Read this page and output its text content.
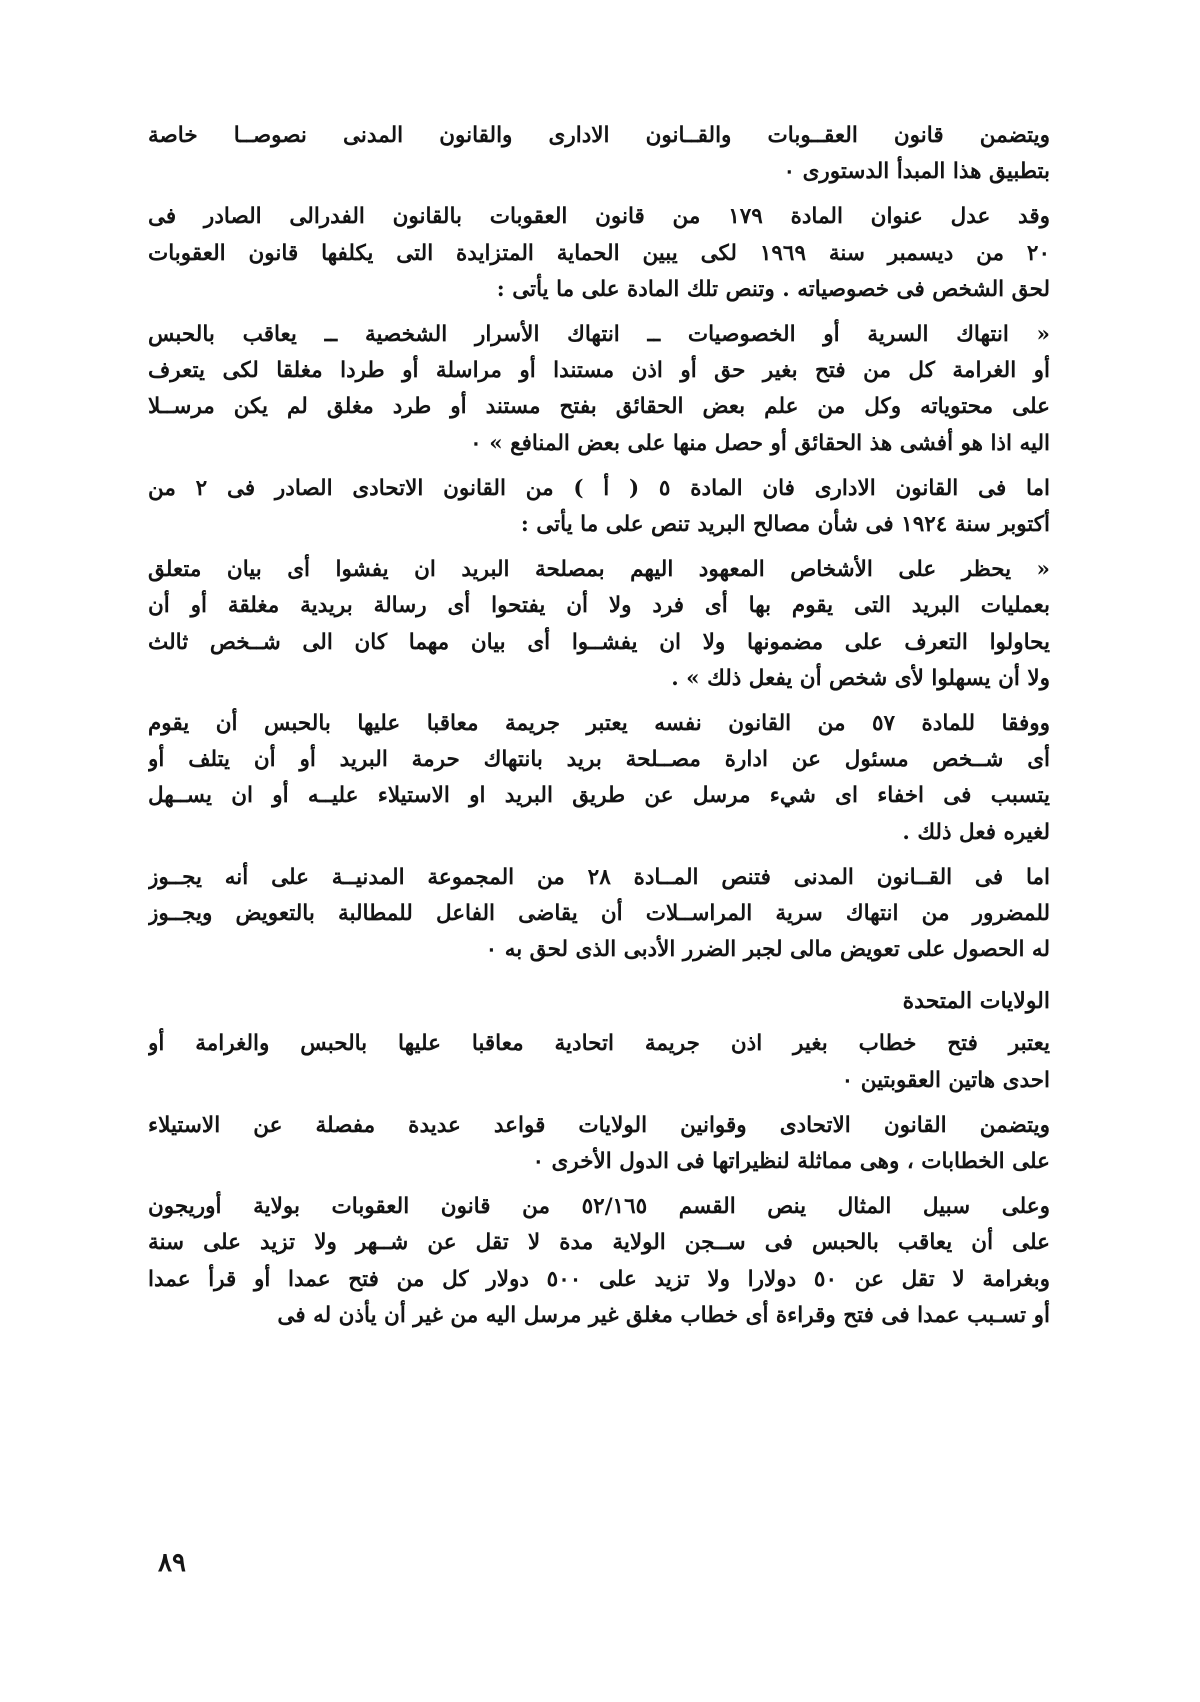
ويتضمن قانون العقــوبات والقــانون الادارى والقانون المدنى نصوصــا خاصة
بتطبيق هذا المبدأ الدستورى ٠
وقد عدل عنوان المادة ١٧٩ من قانون العقوبات بالقانون الفدرالى الصادر فى
٢٠ من ديسمبر سنة ١٩٦٩ لكى يبين الحماية المتزايدة التى يكلفها قانون العقوبات
لحق الشخص فى خصوصياته . وتنص تلك المادة على ما يأتى :
« انتهاك السرية أو الخصوصيات ــ انتهاك الأسرار الشخصية ــ يعاقب بالحبس
أو الغرامة كل من فتح بغير حق أو اذن مستندا أو مراسلة أو طردا مغلقا لكى يتعرف
على محتوياته وكل من علم بعض الحقائق بفتح مستند أو طرد مغلق لم يكن مرســلا
اليه اذا هو أفشى هذ الحقائق أو حصل منها على بعض المنافع » ٠
اما فى القانون الادارى فان المادة ٥ ( أ ) من القانون الاتحادى الصادر فى ٢ من
أكتوبر سنة ١٩٢٤ فى شأن مصالح البريد تنص على ما يأتى :
« يحظر على الأشخاص المعهود اليهم بمصلحة البريد ان يفشوا أى بيان متعلق
بعمليات البريد التى يقوم بها أى فرد ولا أن يفتحوا أى رسالة بريدية مغلقة أو أن
يحاولوا التعرف على مضمونها ولا ان يفشــوا أى بيان مهما كان الى شــخص ثالث
ولا أن يسهلوا لأى شخص أن يفعل ذلك » .
ووفقا للمادة ٥٧ من القانون نفسه يعتبر جريمة معاقبا عليها بالحبس أن يقوم
أى شــخص مسئول عن ادارة مصــلحة بريد بانتهاك حرمة البريد أو أن يتلف أو
يتسبب فى اخفاء اى شيء مرسل عن طريق البريد او الاستيلاء عليــه أو ان يســهل
لغيره فعل ذلك .
اما فى القــانون المدنى فتنص المــادة ٢٨ من المجموعة المدنيــة على أنه يجــوز
للمضرور من انتهاك سرية المراســلات أن يقاضى الفاعل للمطالبة بالتعويض ويجــوز
له الحصول على تعويض مالى لجبر الضرر الأدبى الذى لحق به ٠
الولايات المتحدة
يعتبر فتح خطاب بغير اذن جريمة اتحادية معاقبا عليها بالحبس والغرامة أو
احدى هاتين العقوبتين ٠
ويتضمن القانون الاتحادى وقوانين الولايات قواعد عديدة مفصلة عن الاستيلاء
على الخطابات ، وهى مماثلة لنظيراتها فى الدول الأخرى ٠
وعلى سبيل المثال ينص القسم ٥٢/١٦٥ من قانون العقوبات بولاية أوريجون
على أن يعاقب بالحبس فى ســجن الولاية مدة لا تقل عن شــهر ولا تزيد على سنة
وبغرامة لا تقل عن ٥٠ دولارا ولا تزيد على ٥٠٠ دولار كل من فتح عمدا أو قرأ عمدا
أو تسـبب عمدا فى فتح وقراءة أى خطاب مغلق غير مرسل اليه من غير أن يأذن له فى
٨٩
